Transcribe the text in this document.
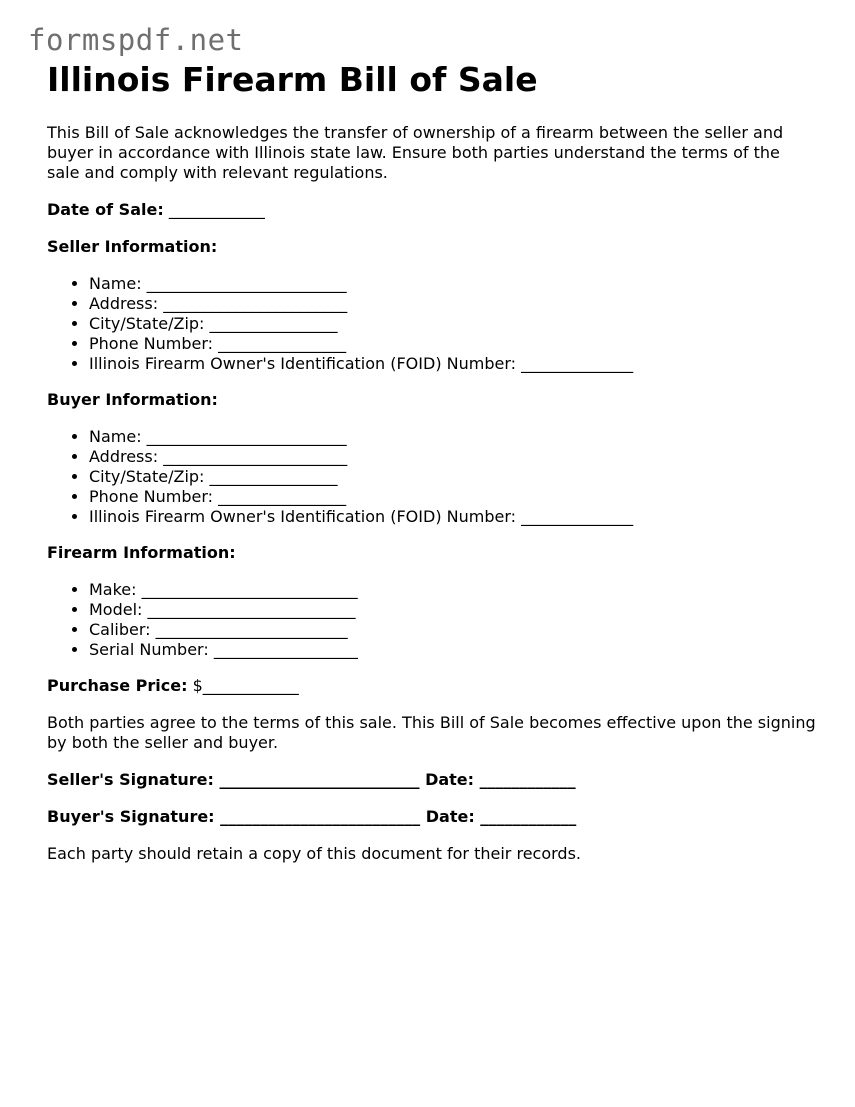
formspdf.net
Illinois Firearm Bill of Sale

This Bill of Sale acknowledges the transfer of ownership of a firearm between the seller and buyer in accordance with Illinois state law. Ensure both parties understand the terms of the sale and comply with relevant regulations.

Date of Sale: ____________

Seller Information:

• Name: _________________________
• Address: _______________________
• City/State/Zip: ________________
• Phone Number: ________________
• Illinois Firearm Owner's Identification (FOID) Number: ______________

Buyer Information:

• Name: _________________________
• Address: _______________________
• City/State/Zip: ________________
• Phone Number: ________________
• Illinois Firearm Owner's Identification (FOID) Number: ______________

Firearm Information:

• Make: ___________________________
• Model: __________________________
• Caliber: ________________________
• Serial Number: __________________

Purchase Price: $____________

Both parties agree to the terms of this sale. This Bill of Sale becomes effective upon the signing by both the seller and buyer.

Seller's Signature: _________________________ Date: ____________

Buyer's Signature: _________________________ Date: ____________

Each party should retain a copy of this document for their records.
